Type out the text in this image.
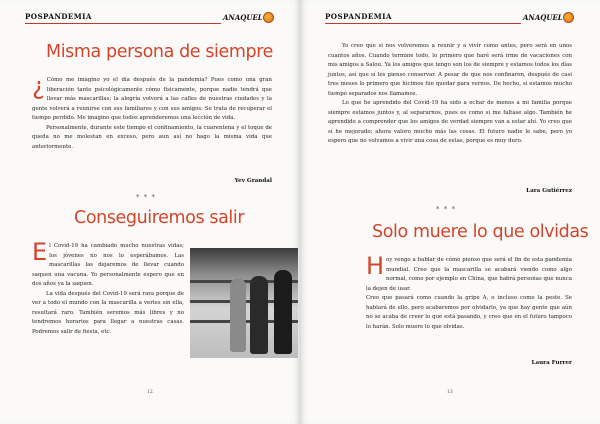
POSPANDEMIA	ANAQUEL
Misma persona de siempre

¿ Cómo me imagino yo el día después de la pandemia? Pues como una gran liberación tanto psicológicamente cómo físicamente, porque nadie tendrá que llevar más mascarillas; la alegría volverá a las calles de nuestras ciudades y la gente volverá a reunirse con sus familiares y con sus amigos. Se trata de recuperar el tiempo perdido. Me imagino que todos aprenderemos una lección de vida.

Personalmente, durante este tiempo el confinamiento, la cuarentena y el toque de queda no me molestan en exceso, pero aun así no hago la misma vida que anteriormente.

Yev Grandal
* * *
Conseguiremos salir

El Covid-19 ha cambiado mucho nuestras vidas; los jóvenes no nos lo esperábamos. Las mascarillas las dejaremos de llevar cuando saquen una vacuna. Yo personalmente espero que en dos años ya la saquen.

La vida después del Covid-19 será rara porque de ver a todo el mundo con la mascarilla a verles sin ella, resultará raro. También seremos más libres y no tendremos horarios para llegar a nuestras casas. Podremos salir de fiesta, etc.

12
POSPANDEMIA	ANAQUEL

Yo creo que si nos volveremos a reunir y a vivir como antes, pero será en unos cuantos años. Cuando termine todo, lo primero que haré será irme de vacaciones con mis amigos a Salou. Ya los amigos que tengo son los de siempre y estamos todos los días juntos, así que sí les pienso conservar. A pesar de que nos confinaron, después de casi tres meses lo primero que hicimos fue quedar para vernos. De hecho, si estamos mucho tiempo separados nos llamamos.

Lo que he aprendido del Covid-19 ha sido a echar de menos a mi familia porque siempre estamos juntos y, al separarnos, pues es como si me faltase algo. También he aprendido a comprender que los amigos de verdad siempre van a estar ahí. Yo creo que sí he mejorado; ahora valoro mucho más las cosas. El futuro nadie le sabe, pero yo espero que no volvamos a vivir una cosa de estas, porque es muy duro.

Lara Gutiérrez
* * *
Solo muere lo que olvidas

Hoy vengo a hablar de cómo pienso que será el fin de esta pandemia mundial. Creo que la mascarilla se acabará viendo como algo normal, como por ejemplo en China, que habrá personas que nunca la dejen de usar.

Creo que pasará como cuando la gripe A, o incluso como la peste. Se hablará de ello, pero acabaremos por olvidarlo, ya que hay gente que aún no se acaba de creer lo que está pasando, y creo que en el futuro tampoco lo harán. Solo muere lo que olvidas.

Laura Furrer
13
